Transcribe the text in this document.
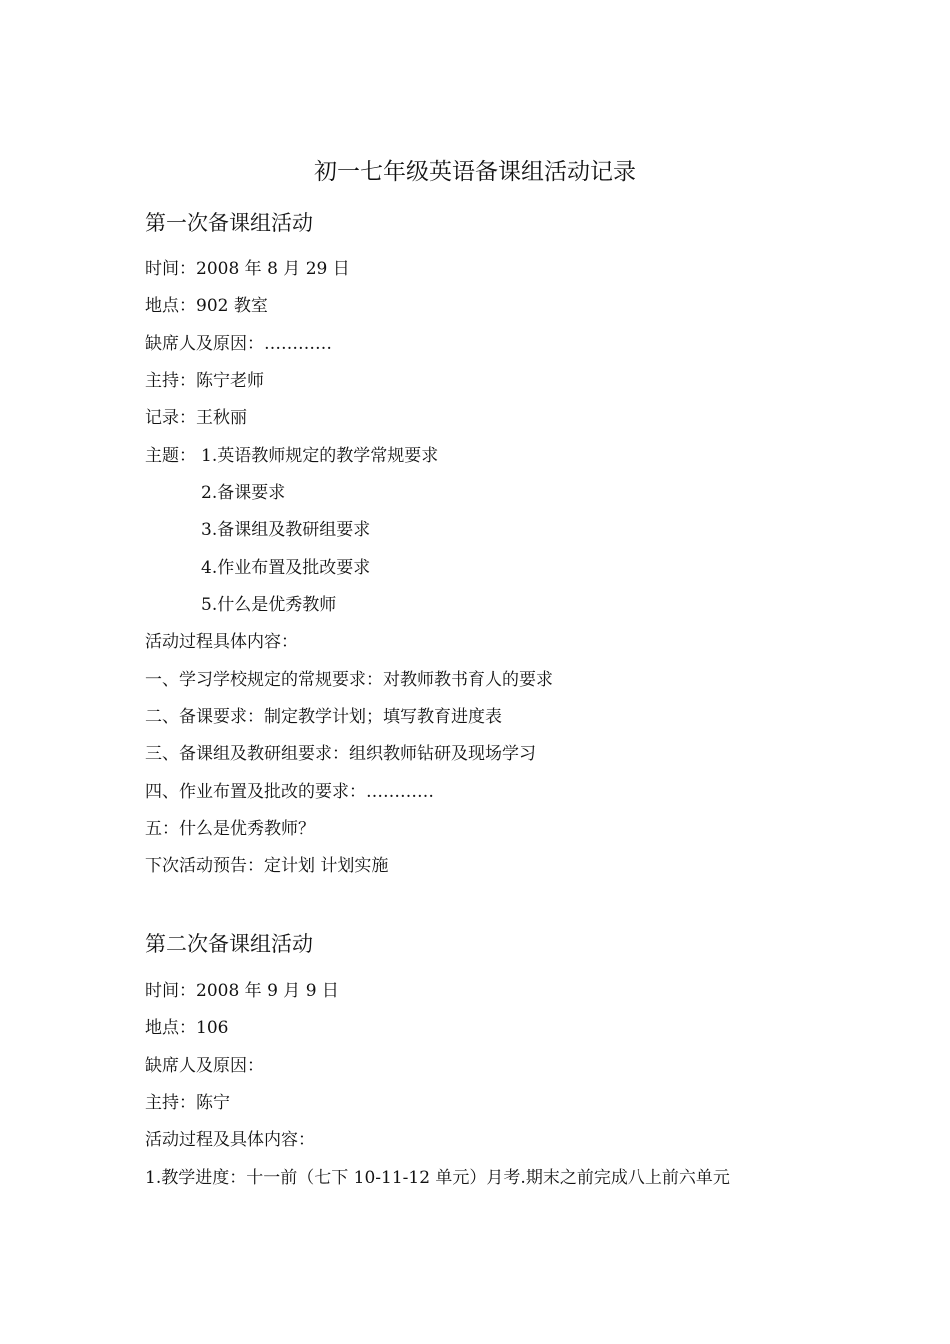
初一七年级英语备课组活动记录
第一次备课组活动
时间：2008 年 8 月 29 日
地点：902 教室
缺席人及原因：…………
主持：陈宁老师
记录：王秋丽
主题： 1.英语教师规定的教学常规要求
2.备课要求
3.备课组及教研组要求
4.作业布置及批改要求
5.什么是优秀教师
活动过程具体内容：
一、学习学校规定的常规要求：对教师教书育人的要求
二、备课要求：制定教学计划；填写教育进度表
三、备课组及教研组要求：组织教师钻研及现场学习
四、作业布置及批改的要求：…………
五：什么是优秀教师？
下次活动预告：定计划 计划实施
第二次备课组活动
时间：2008 年 9 月 9 日
地点：106
缺席人及原因：
主持：陈宁
活动过程及具体内容：
1.教学进度：十一前（七下 10-11-12 单元）月考.期末之前完成八上前六单元
